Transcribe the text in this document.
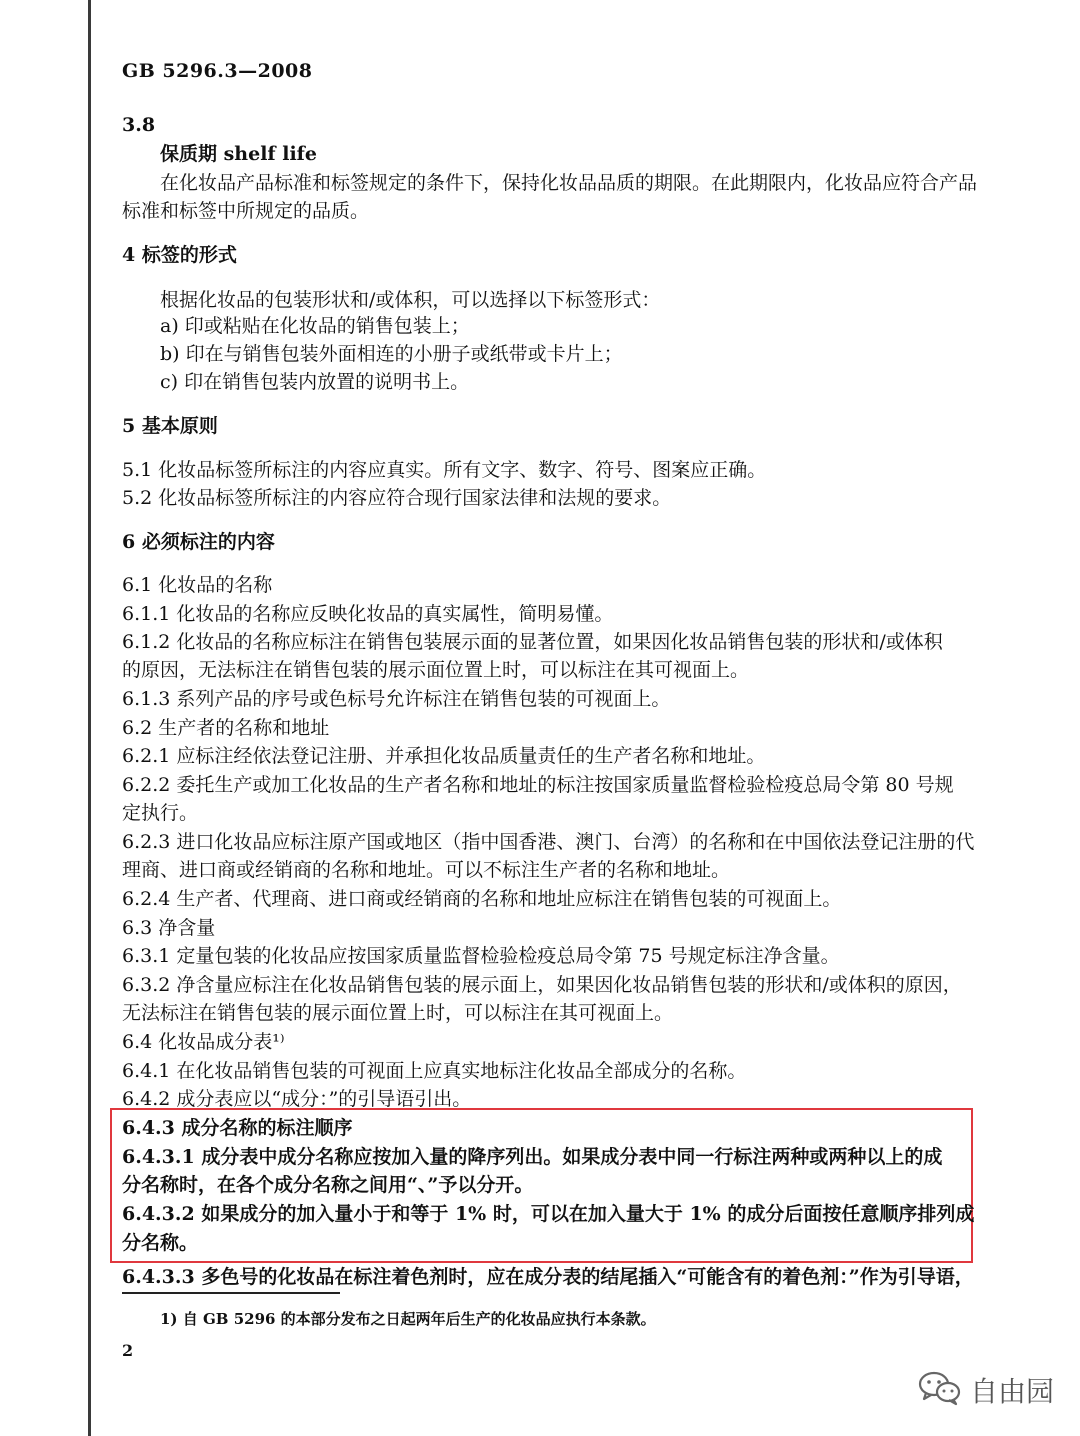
GB 5296.3—2008
3.8
保质期 shelf life
在化妆品产品标准和标签规定的条件下，保持化妆品品质的期限。在此期限内，化妆品应符合产品
标准和标签中所规定的品质。
4 标签的形式
根据化妆品的包装形状和/或体积，可以选择以下标签形式：
a) 印或粘贴在化妆品的销售包装上；
b) 印在与销售包装外面相连的小册子或纸带或卡片上；
c) 印在销售包装内放置的说明书上。
5 基本原则
5.1 化妆品标签所标注的内容应真实。所有文字、数字、符号、图案应正确。
5.2 化妆品标签所标注的内容应符合现行国家法律和法规的要求。
6 必须标注的内容
6.1 化妆品的名称
6.1.1 化妆品的名称应反映化妆品的真实属性，简明易懂。
6.1.2 化妆品的名称应标注在销售包装展示面的显著位置，如果因化妆品销售包装的形状和/或体积
的原因，无法标注在销售包装的展示面位置上时，可以标注在其可视面上。
6.1.3 系列产品的序号或色标号允许标注在销售包装的可视面上。
6.2 生产者的名称和地址
6.2.1 应标注经依法登记注册、并承担化妆品质量责任的生产者名称和地址。
6.2.2 委托生产或加工化妆品的生产者名称和地址的标注按国家质量监督检验检疫总局令第 80 号规
定执行。
6.2.3 进口化妆品应标注原产国或地区（指中国香港、澳门、台湾）的名称和在中国依法登记注册的代
理商、进口商或经销商的名称和地址。可以不标注生产者的名称和地址。
6.2.4 生产者、代理商、进口商或经销商的名称和地址应标注在销售包装的可视面上。
6.3 净含量
6.3.1 定量包装的化妆品应按国家质量监督检验检疫总局令第 75 号规定标注净含量。
6.3.2 净含量应标注在化妆品销售包装的展示面上，如果因化妆品销售包装的形状和/或体积的原因，
无法标注在销售包装的展示面位置上时，可以标注在其可视面上。
6.4 化妆品成分表¹⁾
6.4.1 在化妆品销售包装的可视面上应真实地标注化妆品全部成分的名称。
6.4.2 成分表应以“成分：”的引导语引出。
6.4.3 成分名称的标注顺序
6.4.3.1 成分表中成分名称应按加入量的降序列出。如果成分表中同一行标注两种或两种以上的成
分名称时，在各个成分名称之间用“、”予以分开。
6.4.3.2 如果成分的加入量小于和等于 1% 时，可以在加入量大于 1% 的成分后面按任意顺序排列成
分名称。
6.4.3.3 多色号的化妆品在标注着色剂时，应在成分表的结尾插入“可能含有的着色剂：”作为引导语，
1) 自 GB 5296 的本部分发布之日起两年后生产的化妆品应执行本条款。
2
自由园
